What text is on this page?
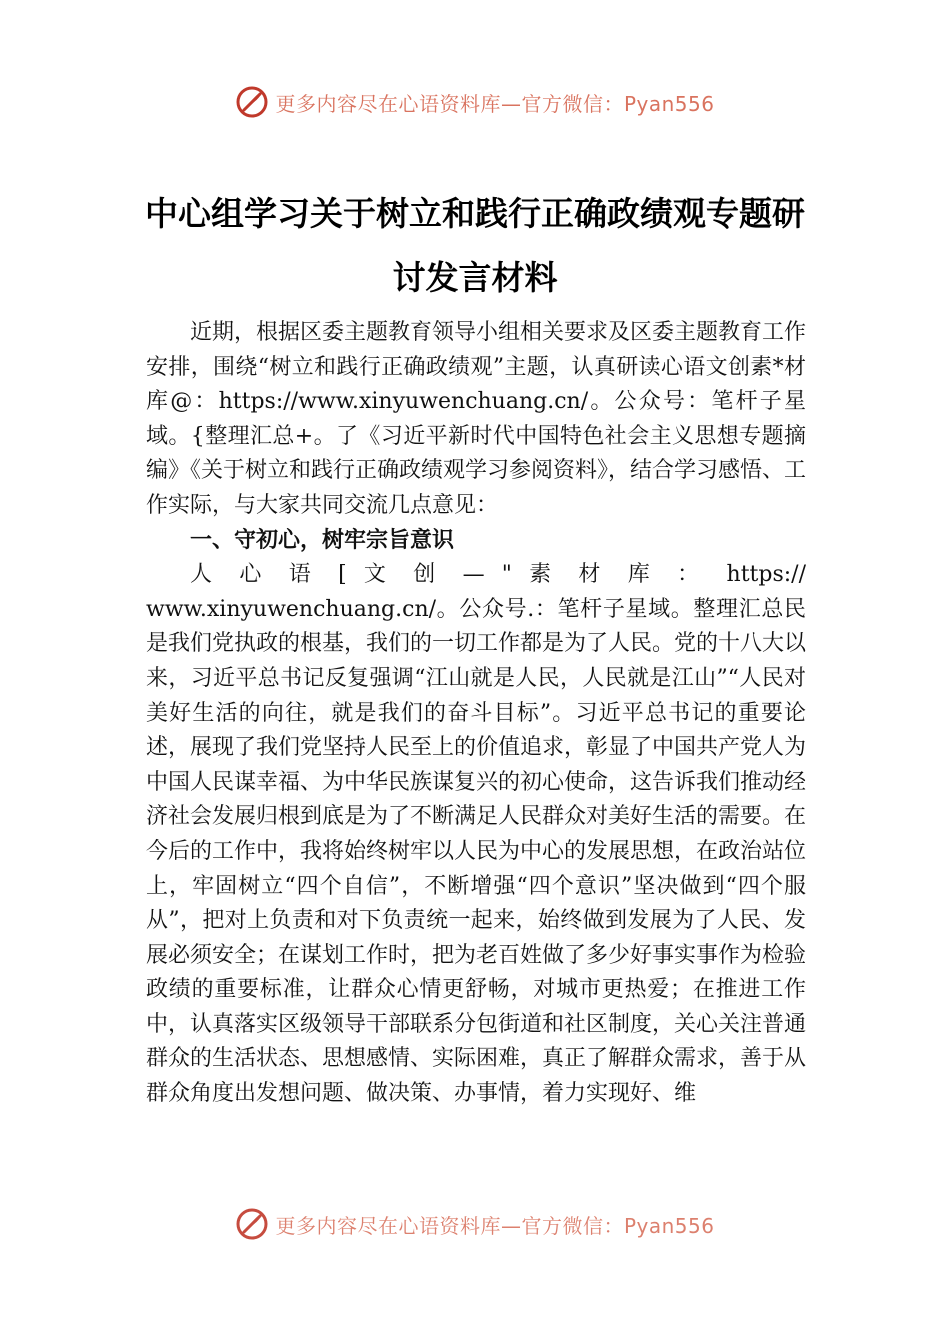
更多内容尽在心语资料库—官方微信：Pyan556
中心组学习关于树立和践行正确政绩观专题研讨发言材料

近期，根据区委主题教育领导小组相关要求及区委主题教育工作安排，围绕“树立和践行正确政绩观”主题，认真研读心语文创素*材库@：https://www.xinyuwenchuang.cn/。公众号：笔杆子星域。{整理汇总+。了《习近平新时代中国特色社会主义思想专题摘编》《关于树立和践行正确政绩观学习参阅资料》，结合学习感悟、工作实际，与大家共同交流几点意见：

一、守初心，树牢宗旨意识

人 心 语 [ 文 创 — " 素 材 库 ： https://

www.xinyuwenchuang.cn/。公众号.：笔杆子星域。整理汇总民是我们党执政的根基，我们的一切工作都是为了人民。党的十八大以来，习近平总书记反复强调“江山就是人民，人民就是江山”“人民对美好生活的向往，就是我们的奋斗目标”。习近平总书记的重要论述，展现了我们党坚持人民至上的价值追求，彰显了中国共产党人为中国人民谋幸福、为中华民族谋复兴的初心使命，这告诉我们推动经济社会发展归根到底是为了不断满足人民群众对美好生活的需要。在今后的工作中，我将始终树牢以人民为中心的发展思想，在政治站位上，牢固树立“四个自信”，不断增强“四个意识”坚决做到“四个服从”，把对上负责和对下负责统一起来，始终做到发展为了人民、发展必须安全；在谋划工作时，把为老百姓做了多少好事实事作为检验政绩的重要标准，让群众心情更舒畅，对城市更热爱；在推进工作中，认真落实区级领导干部联系分包街道和社区制度，关心关注普通群众的生活状态、思想感情、实际困难，真正了解群众需求，善于从群众角度出发想问题、做决策、办事情，着力实现好、维

更多内容尽在心语资料库—官方微信：Pyan556
